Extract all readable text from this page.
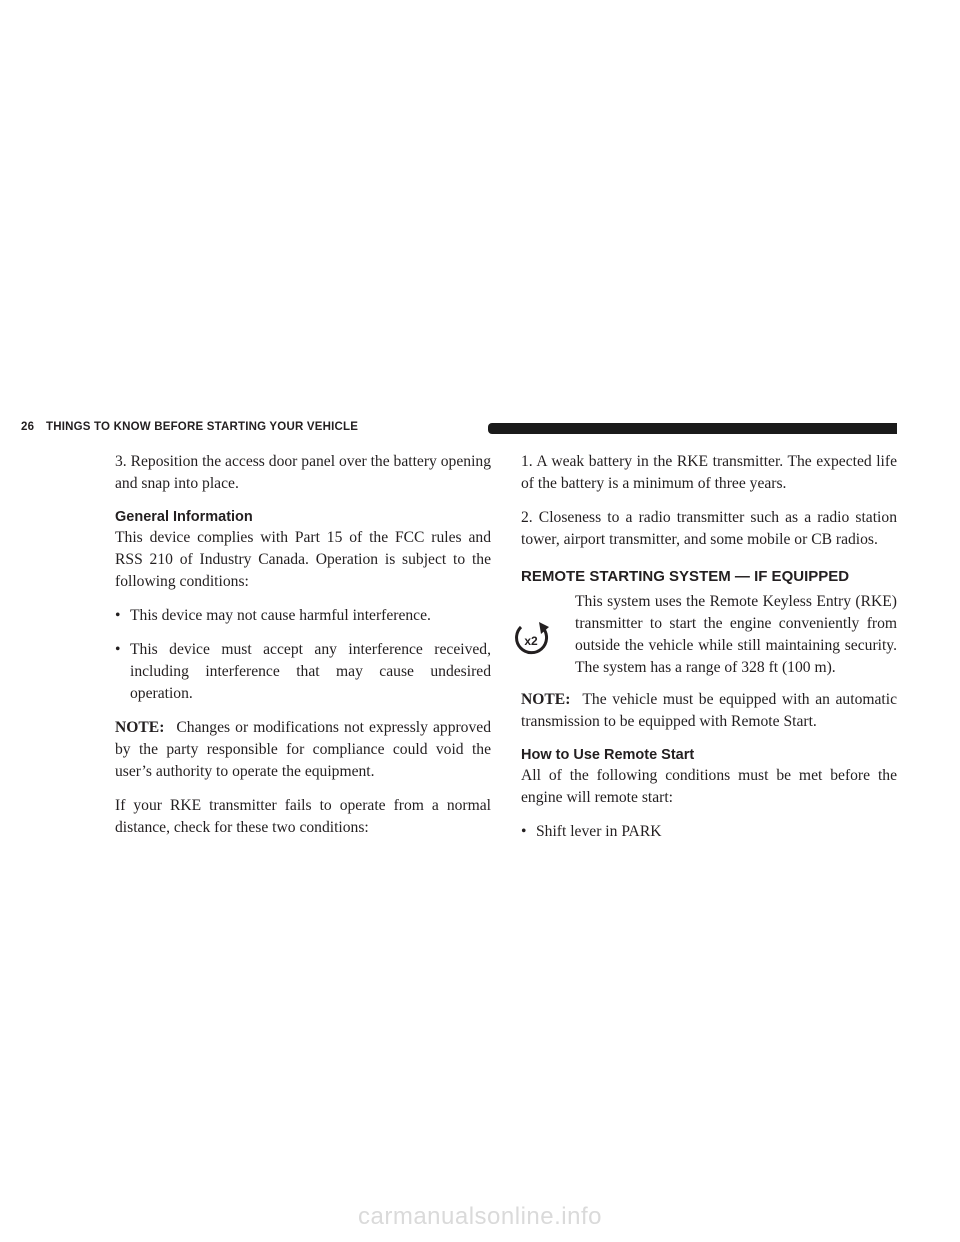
26 THINGS TO KNOW BEFORE STARTING YOUR VEHICLE

3. Reposition the access door panel over the battery opening and snap into place.

General Information

This device complies with Part 15 of the FCC rules and RSS 210 of Industry Canada. Operation is subject to the following conditions:

• This device may not cause harmful interference.
• This device must accept any interference received, including interference that may cause undesired operation.

NOTE: Changes or modifications not expressly approved by the party responsible for compliance could void the user’s authority to operate the equipment.

If your RKE transmitter fails to operate from a normal distance, check for these two conditions:

1. A weak battery in the RKE transmitter. The expected life of the battery is a minimum of three years.

2. Closeness to a radio transmitter such as a radio station tower, airport transmitter, and some mobile or CB radios.

REMOTE STARTING SYSTEM — IF EQUIPPED
x2

This system uses the Remote Keyless Entry (RKE) transmitter to start the engine conveniently from outside the vehicle while still maintaining security. The system has a range of 328 ft (100 m).

NOTE: The vehicle must be equipped with an automatic transmission to be equipped with Remote Start.

How to Use Remote Start

All of the following conditions must be met before the engine will remote start:

• Shift lever in PARK
carmanualsonline.info
